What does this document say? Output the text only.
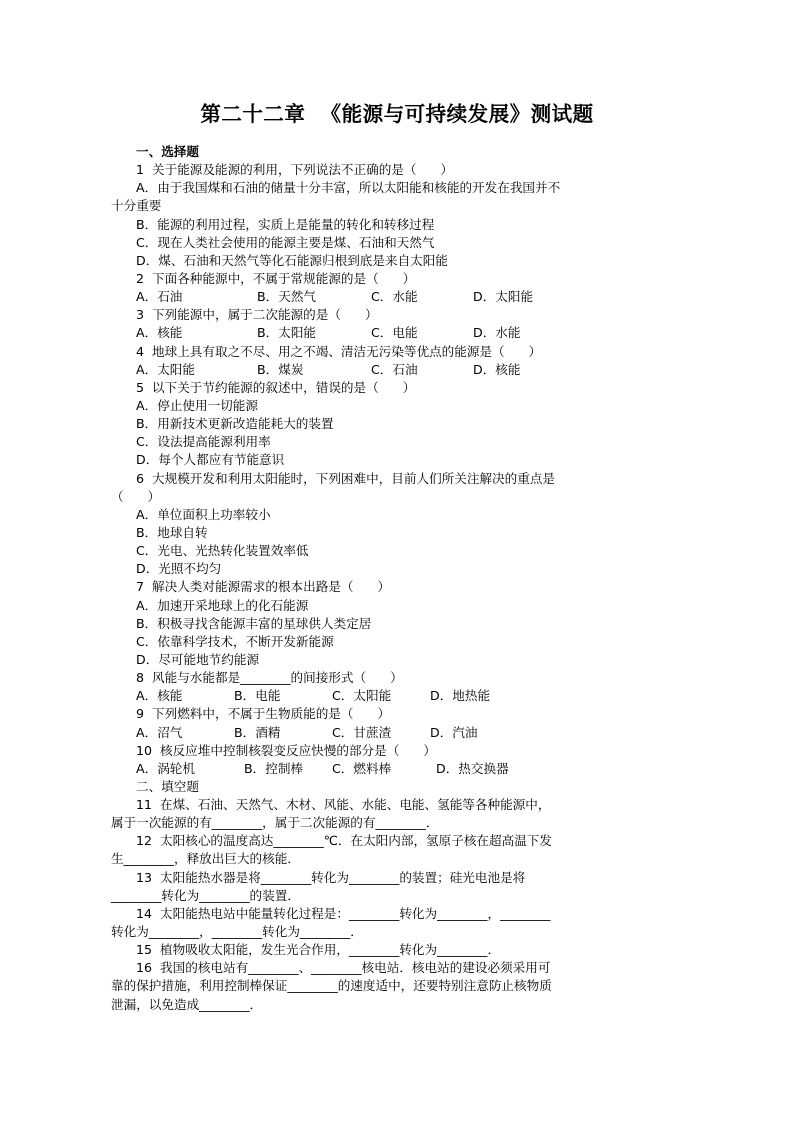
第二十二章  《能源与可持续发展》测试题
一、选择题
1  关于能源及能源的利用，下列说法不正确的是（      ）
A．由于我国煤和石油的储量十分丰富，所以太阳能和核能的开发在我国并不
十分重要
B．能源的利用过程，实质上是能量的转化和转移过程
C．现在人类社会使用的能源主要是煤、石油和天然气
D．煤、石油和天然气等化石能源归根到底是来自太阳能
2  下面各种能源中，不属于常规能源的是（      ）
A．石油	B．天然气	C．水能	D．太阳能
3  下列能源中，属于二次能源的是（      ）
A．核能	B．太阳能	C．电能	D．水能
4  地球上具有取之不尽、用之不竭、清洁无污染等优点的能源是（      ）
A．太阳能	B．煤炭	C．石油	D．核能
5  以下关于节约能源的叙述中，错误的是（      ）
A．停止使用一切能源
B．用新技术更新改造能耗大的装置
C．设法提高能源利用率
D．每个人都应有节能意识
6  大规模开发和利用太阳能时，下列困难中，目前人们所关注解决的重点是
（      ）
A．单位面积上功率较小
B．地球自转
C．光电、光热转化装置效率低
D．光照不均匀
7  解决人类对能源需求的根本出路是（      ）
A．加速开采地球上的化石能源
B．积极寻找含能源丰富的星球供人类定居
C．依靠科学技术，不断开发新能源
D．尽可能地节约能源
8  风能与水能都是________的间接形式（      ）
A．核能	B．电能	C．太阳能	D．地热能
9  下列燃料中，不属于生物质能的是（      ）
A．沼气	B．酒精	C．甘蔗渣	D．汽油
10  核反应堆中控制核裂变反应快慢的部分是（      ）
A．涡轮机	B．控制棒	C．燃料棒	D．热交换器
二、填空题
11  在煤、石油、天然气、木材、风能、水能、电能、氢能等各种能源中，
属于一次能源的有________，属于二次能源的有________．
12  太阳核心的温度高达________℃．在太阳内部，氢原子核在超高温下发
生________，释放出巨大的核能．
13  太阳能热水器是将________转化为________的装置；硅光电池是将
________转化为________的装置．
14  太阳能热电站中能量转化过程是：________转化为________，________
转化为________，________转化为________．
15  植物吸收太阳能，发生光合作用，________转化为________．
16  我国的核电站有________、________核电站．核电站的建设必须采用可
靠的保护措施，利用控制棒保证________的速度适中，还要特别注意防止核物质
泄漏，以免造成________．
